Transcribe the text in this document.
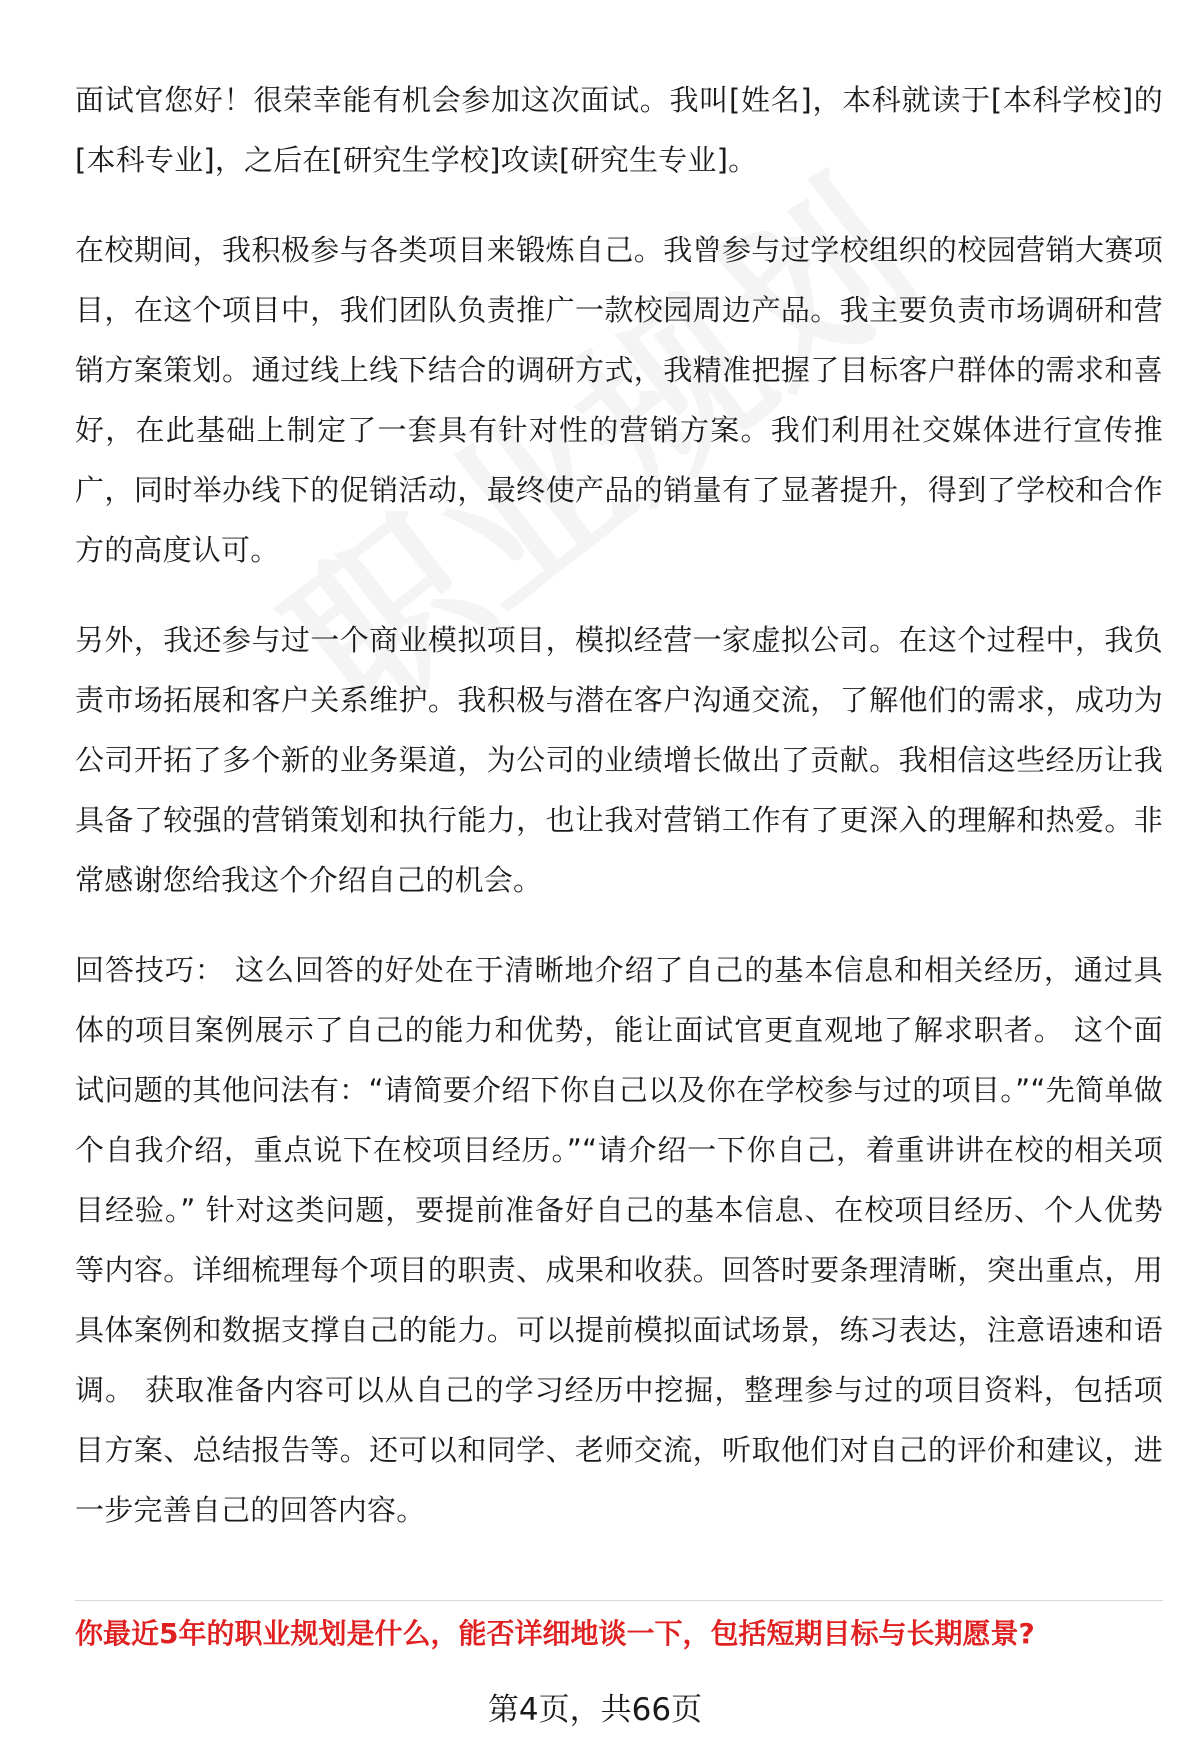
面试官您好！很荣幸能有机会参加这次面试。我叫[姓名]，本科就读于[本科学校]的[本科专业]，之后在[研究生学校]攻读[研究生专业]。

在校期间，我积极参与各类项目来锻炼自己。我曾参与过学校组织的校园营销大赛项目，在这个项目中，我们团队负责推广一款校园周边产品。我主要负责市场调研和营销方案策划。通过线上线下结合的调研方式，我精准把握了目标客户群体的需求和喜好，在此基础上制定了一套具有针对性的营销方案。我们利用社交媒体进行宣传推广，同时举办线下的促销活动，最终使产品的销量有了显著提升，得到了学校和合作方的高度认可。

另外，我还参与过一个商业模拟项目，模拟经营一家虚拟公司。在这个过程中，我负责市场拓展和客户关系维护。我积极与潜在客户沟通交流，了解他们的需求，成功为公司开拓了多个新的业务渠道，为公司的业绩增长做出了贡献。我相信这些经历让我具备了较强的营销策划和执行能力，也让我对营销工作有了更深入的理解和热爱。非常感谢您给我这个介绍自己的机会。

回答技巧： 这么回答的好处在于清晰地介绍了自己的基本信息和相关经历，通过具体的项目案例展示了自己的能力和优势，能让面试官更直观地了解求职者。 这个面试问题的其他问法有：“请简要介绍下你自己以及你在学校参与过的项目。”“先简单做个自我介绍，重点说下在校项目经历。”“请介绍一下你自己，着重讲讲在校的相关项目经验。” 针对这类问题，要提前准备好自己的基本信息、在校项目经历、个人优势等内容。详细梳理每个项目的职责、成果和收获。回答时要条理清晰，突出重点，用具体案例和数据支撑自己的能力。可以提前模拟面试场景，练习表达，注意语速和语调。 获取准备内容可以从自己的学习经历中挖掘，整理参与过的项目资料，包括项目方案、总结报告等。还可以和同学、老师交流，听取他们对自己的评价和建议，进一步完善自己的回答内容。

你最近5年的职业规划是什么，能否详细地谈一下，包括短期目标与长期愿景?
第4页，共66页
